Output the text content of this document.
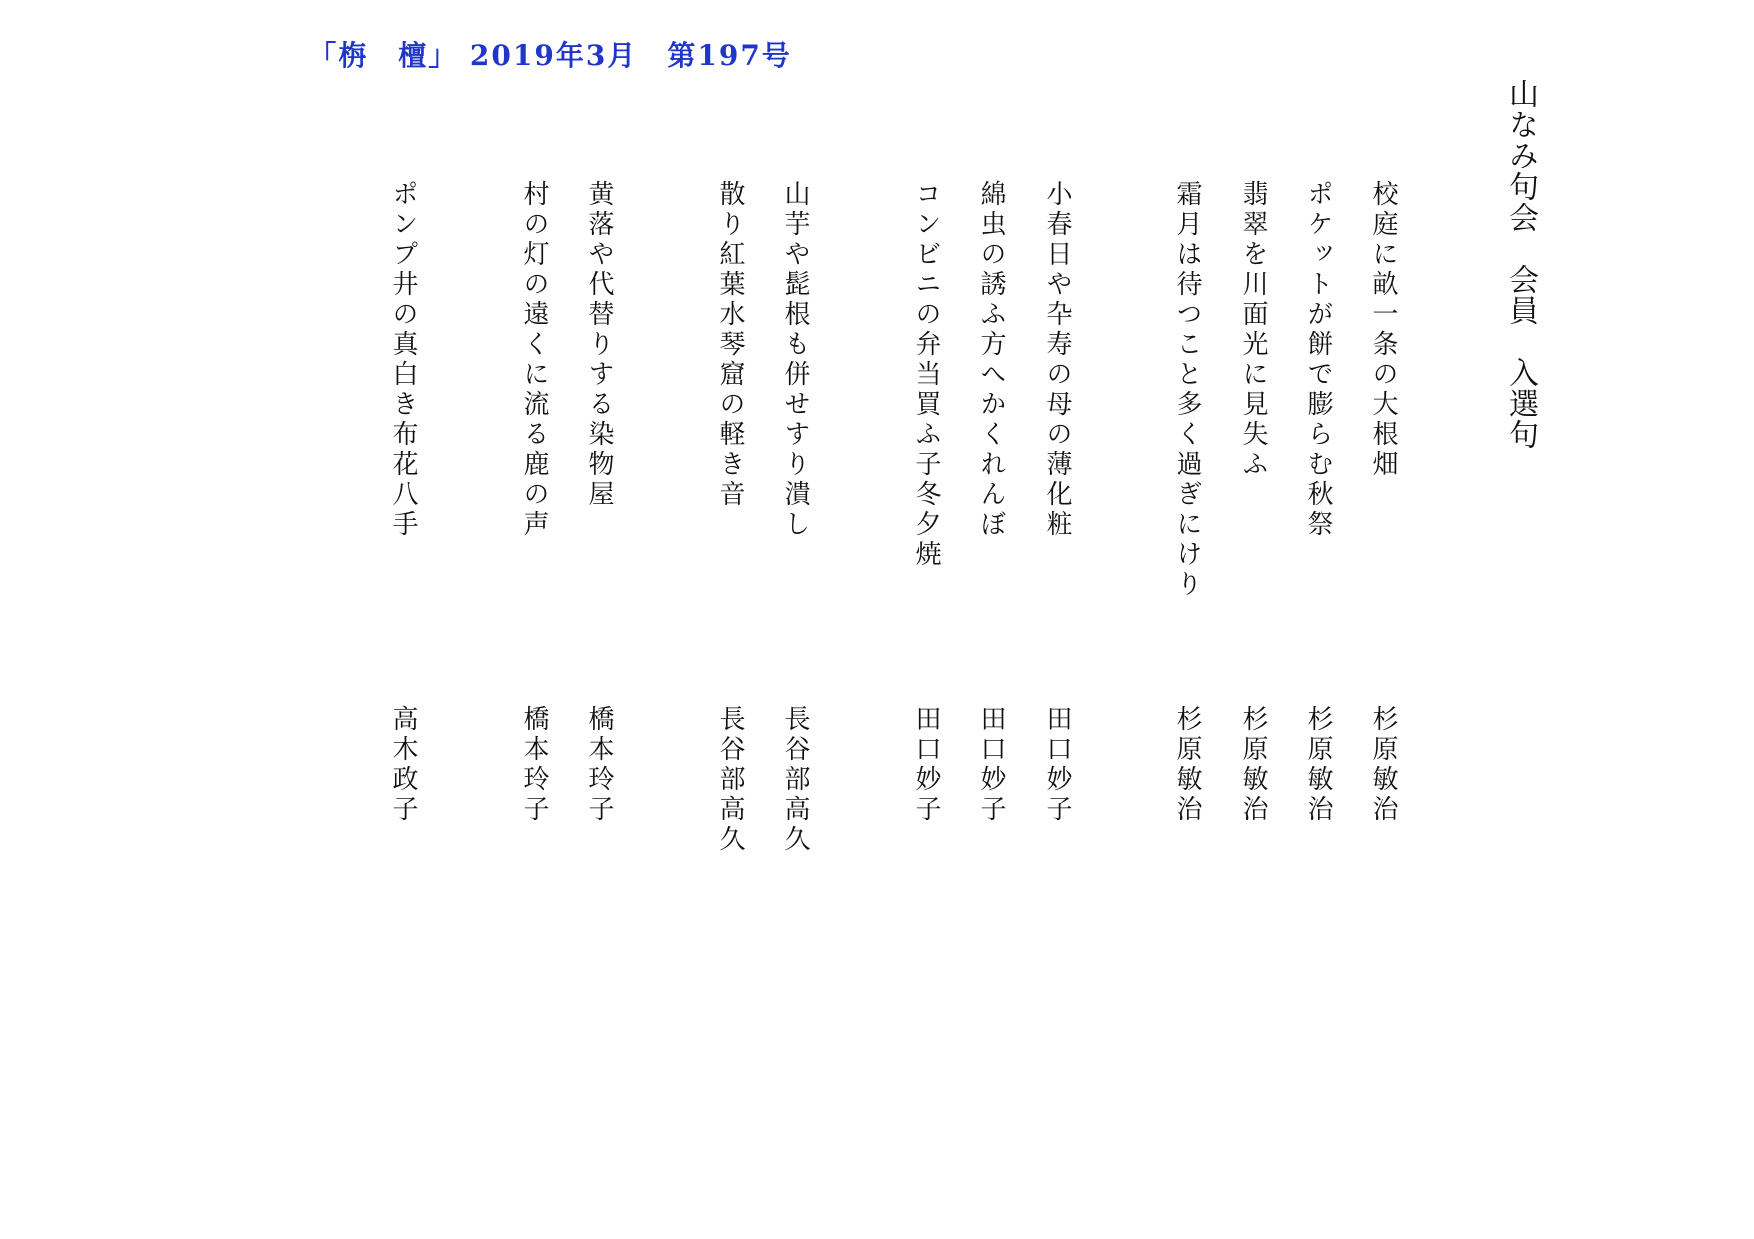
「栴　檀」 2019年3月　第197号
山なみ句会　会員　入選句
校庭に畝一条の大根畑
杉原敏治
ポケットが餅で膨らむ秋祭
杉原敏治
翡翠を川面光に見失ふ
杉原敏治
霜月は待つこと多く過ぎにけり
杉原敏治
小春日や卆寿の母の薄化粧
田口妙子
綿虫の誘ふ方へかくれんぼ
田口妙子
コンビニの弁当買ふ子冬夕焼
田口妙子
山芋や髭根も併せすり潰し
長谷部高久
散り紅葉水琴窟の軽き音
長谷部高久
黄落や代替りする染物屋
橋本玲子
村の灯の遠くに流る鹿の声
橋本玲子
ポンプ井の真白き布花八手
高木政子
